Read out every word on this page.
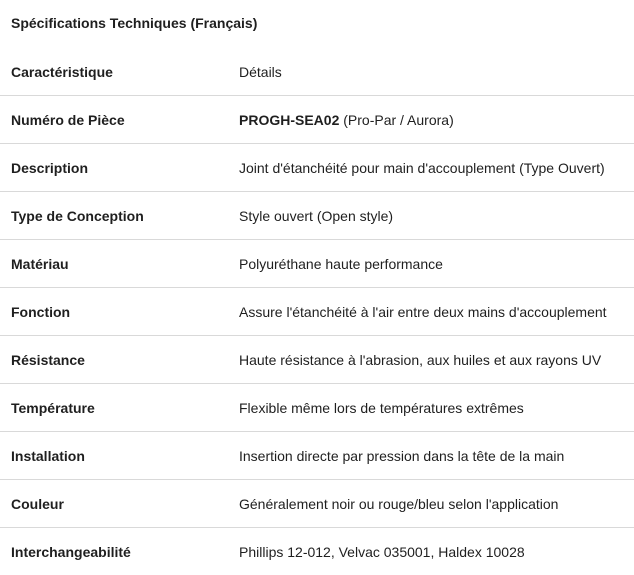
Spécifications Techniques (Français)
Caractéristique	Détails
Numéro de Pièce	PROGH-SEA02 (Pro-Par / Aurora)
Description	Joint d'étanchéité pour main d'accouplement (Type Ouvert)
Type de Conception	Style ouvert (Open style)
Matériau	Polyuréthane haute performance
Fonction	Assure l'étanchéité à l'air entre deux mains d'accouplement
Résistance	Haute résistance à l'abrasion, aux huiles et aux rayons UV
Température	Flexible même lors de températures extrêmes
Installation	Insertion directe par pression dans la tête de la main
Couleur	Généralement noir ou rouge/bleu selon l'application
Interchangeabilité	Phillips 12-012, Velvac 035001, Haldex 10028
